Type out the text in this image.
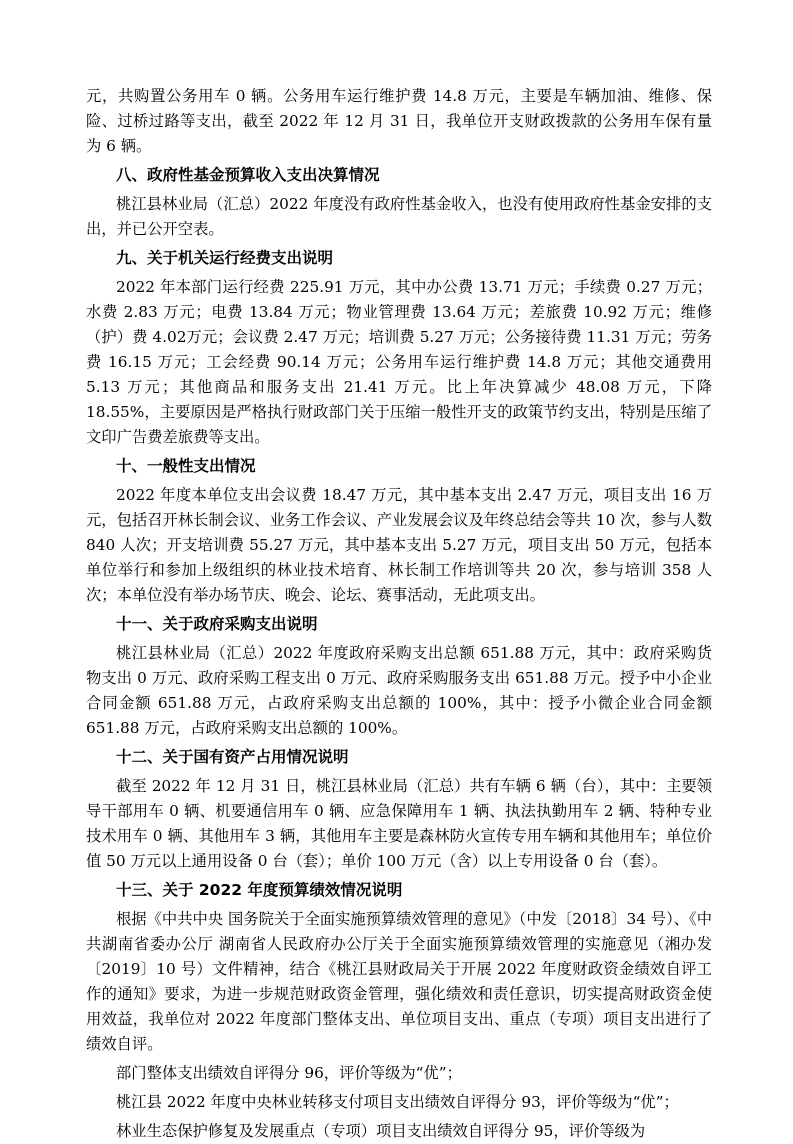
元，共购置公务用车 0 辆。公务用车运行维护费 14.8 万元，主要是车辆加油、维修、保险、过桥过路等支出，截至 2022 年 12 月 31 日，我单位开支财政拨款的公务用车保有量为 6 辆。

八、政府性基金预算收入支出决算情况

桃江县林业局（汇总）2022 年度没有政府性基金收入，也没有使用政府性基金安排的支出，并已公开空表。

九、关于机关运行经费支出说明

2022 年本部门运行经费 225.91 万元，其中办公费 13.71 万元；手续费 0.27 万元；水费 2.83 万元；电费 13.84 万元；物业管理费 13.64 万元；差旅费 10.92 万元；维修（护）费 4.02万元；会议费 2.47 万元；培训费 5.27 万元；公务接待费 11.31 万元；劳务费 16.15 万元；工会经费 90.14 万元；公务用车运行维护费 14.8 万元；其他交通费用 5.13 万元；其他商品和服务支出 21.41 万元。比上年决算减少 48.08 万元，下降 18.55%，主要原因是严格执行财政部门关于压缩一般性开支的政策节约支出，特别是压缩了文印广告费差旅费等支出。

十、一般性支出情况

2022 年度本单位支出会议费 18.47 万元，其中基本支出 2.47 万元，项目支出 16 万元，包括召开林长制会议、业务工作会议、产业发展会议及年终总结会等共 10 次，参与人数 840 人次；开支培训费 55.27 万元，其中基本支出 5.27 万元，项目支出 50 万元，包括本单位举行和参加上级组织的林业技术培育、林长制工作培训等共 20 次，参与培训 358 人次；本单位没有举办场节庆、晚会、论坛、赛事活动，无此项支出。

十一、关于政府采购支出说明

桃江县林业局（汇总）2022 年度政府采购支出总额 651.88 万元，其中：政府采购货物支出 0 万元、政府采购工程支出 0 万元、政府采购服务支出 651.88 万元。授予中小企业合同金额 651.88 万元，占政府采购支出总额的 100%，其中：授予小微企业合同金额 651.88 万元，占政府采购支出总额的 100%。

十二、关于国有资产占用情况说明

截至 2022 年 12 月 31 日，桃江县林业局（汇总）共有车辆 6 辆（台），其中：主要领导干部用车 0 辆、机要通信用车 0 辆、应急保障用车 1 辆、执法执勤用车 2 辆、特种专业技术用车 0 辆、其他用车 3 辆，其他用车主要是森林防火宣传专用车辆和其他用车；单位价值 50 万元以上通用设备 0 台（套）；单价 100 万元（含）以上专用设备 0 台（套）。

十三、关于 2022 年度预算绩效情况说明

根据《中共中央 国务院关于全面实施预算绩效管理的意见》（中发〔2018〕34 号）、《中共湖南省委办公厅 湖南省人民政府办公厅关于全面实施预算绩效管理的实施意见（湘办发〔2019〕10 号）文件精神，结合《桃江县财政局关于开展 2022 年度财政资金绩效自评工作的通知》要求，为进一步规范财政资金管理，强化绩效和责任意识，切实提高财政资金使用效益，我单位对 2022 年度部门整体支出、单位项目支出、重点（专项）项目支出进行了绩效自评。

部门整体支出绩效自评得分 96，评价等级为“优”；

桃江县 2022 年度中央林业转移支付项目支出绩效自评得分 93，评价等级为“优”；

林业生态保护修复及发展重点（专项）项目支出绩效自评得分 95，评价等级为
